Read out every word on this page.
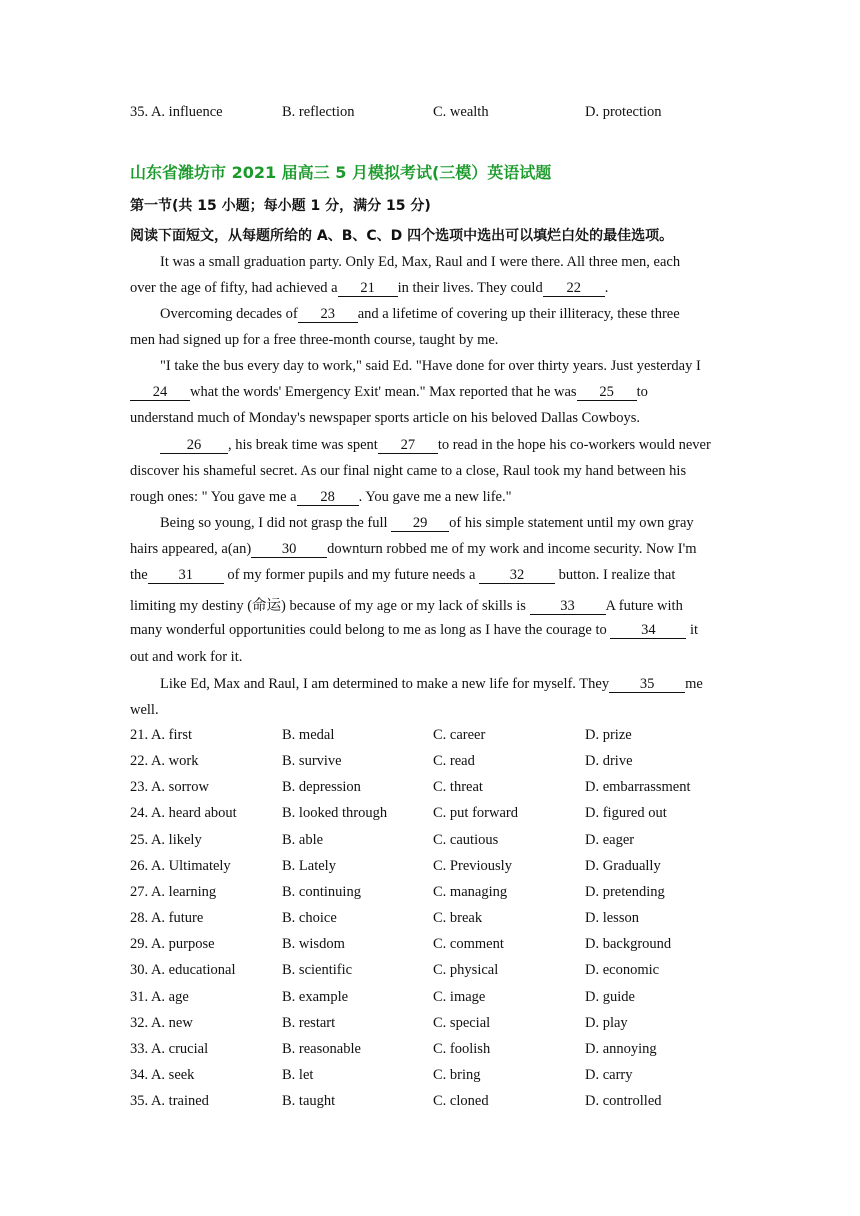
35. A. influence	B. reflection	C. wealth	D. protection
山东省潍坊市 2021 届高三 5 月模拟考试(三模）英语试题
第一节(共 15 小题；每小题 1 分，满分 15 分)
阅读下面短文，从每题所给的 A、B、C、D 四个选项中选出可以填烂白处的最佳选项。
It was a small graduation party. Only Ed, Max, Raul and I were there. All three men, each
over the age of fifty, had achieved a 21 in their lives. They could 22 .
Overcoming decades of 23 and a lifetime of covering up their illiteracy, these three
men had signed up for a free three-month course, taught by me.
"I take the bus every day to work," said Ed. "Have done for over thirty years. Just yesterday I
24 what the words' Emergency Exit' mean." Max reported that he was 25 to
understand much of Monday's newspaper sports article on his beloved Dallas Cowboys.
26 , his break time was spent 27 to read in the hope his co-workers would never
discover his shameful secret. As our final night came to a close, Raul took my hand between his
rough ones: " You gave me a 28 . You gave me a new life."
Being so young, I did not grasp the full 29 of his simple statement until my own gray
hairs appeared, a(an) 30 downturn robbed me of my work and income security. Now I'm
the 31 of my former pupils and my future needs a 32 button. I realize that
limiting my destiny (命运) because of my age or my lack of skills is 33 A future with
many wonderful opportunities could belong to me as long as I have the courage to 34 it
out and work for it.
Like Ed, Max and Raul, I am determined to make a new life for myself. They 35 me
well.
21. A. first	B. medal	C. career	D. prize
22. A. work	B. survive	C. read	D. drive
23. A. sorrow	B. depression	C. threat	D. embarrassment
24. A. heard about	B. looked through	C. put forward	D. figured out
25. A. likely	B. able	C. cautious	D. eager
26. A. Ultimately	B. Lately	C. Previously	D. Gradually
27. A. learning	B. continuing	C. managing	D. pretending
28. A. future	B. choice	C. break	D. lesson
29. A. purpose	B. wisdom	C. comment	D. background
30. A. educational	B. scientific	C. physical	D. economic
31. A. age	B. example	C. image	D. guide
32. A. new	B. restart	C. special	D. play
33. A. crucial	B. reasonable	C. foolish	D. annoying
34. A. seek	B. let	C. bring	D. carry
35. A. trained	B. taught	C. cloned	D. controlled
